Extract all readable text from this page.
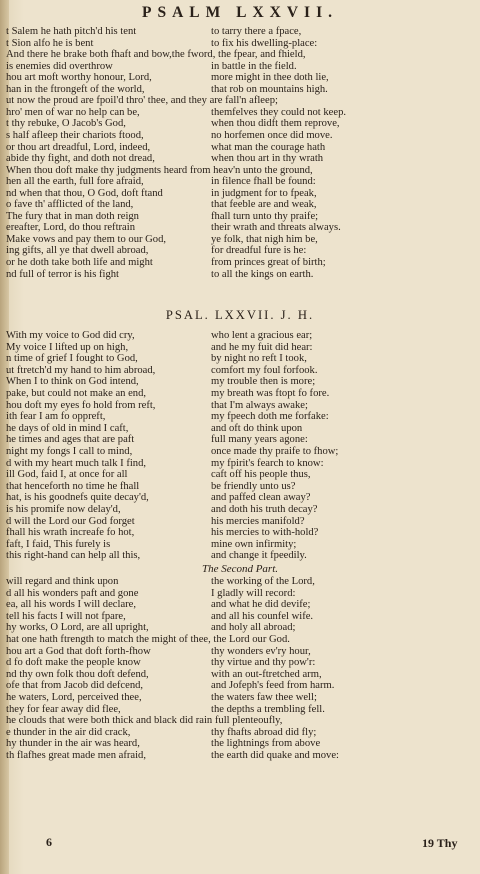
PSALM LXXVII.
t Salem he hath pitch'd his tent	to tarry there a fpace,
t Sion alfo he is bent	to fix his dwelling-place:
And there he brake both fhaft and bow,the fword, the fpear, and fhield,
is enemies did overthrow	in battle in the field.
hou art moft worthy honour, Lord,	more might in thee doth lie,
han in the ftrongeft of the world,	that rob on mountains high.
ut now the proud are fpoil'd thro' thee, and they are fall'n afleep;
hro' men of war no help can be,	themfelves they could not keep.
t thy rebuke, O Jacob's God,	when thou didft them reprove,
s half afleep their chariots ftood,	no horfemen once did move.
or thou art dreadful, Lord, indeed,	what man the courage hath
abide thy fight, and doth not dread,	when thou art in thy wrath
When thou doft make thy judgments heard from heav'n unto the ground,
hen all the earth, full fore afraid,	in filence fhall be found:
nd when that thou, O God, doft ftand	in judgment for to fpeak,
o fave th' afflicted of the land,	that feeble are and weak,
The fury that in man doth reign	fhall turn unto thy praife;
ereafter, Lord, do thou reftrain	their wrath and threats always.
Make vows and pay them to our God,	ye folk, that nigh him be,
ing gifts, all ye that dwell abroad,	for dreadful fure is he:
or he doth take both life and might	from princes great of birth;
nd full of terror is his fight	to all the kings on earth.
PSAL. LXXVII. J. H.
With my voice to God did cry,	who lent a gracious ear;
My voice I lifted up on high,	and he my fuit did hear:
n time of grief I fought to God,	by night no reft I took,
ut ftretch'd my hand to him abroad,	comfort my foul forfook.
When I to think on God intend,	my trouble then is more;
pake, but could not make an end,	my breath was ftopt fo fore.
hou doft my eyes fo hold from reft,	that I'm always awake;
ith fear I am fo oppreft,	my fpeech doth me forfake:
he days of old in mind I caft,	and oft do think upon
he times and ages that are paft	full many years agone:
night my fongs I call to mind,	once made thy praife to fhow;
d with my heart much talk I find,	my fpirit's fearch to know:
ill God, faid I, at once for all	caft off his people thus,
that henceforth no time he fhall	be friendly unto us?
hat, is his goodnefs quite decay'd,	and paffed clean away?
is his promife now delay'd,	and doth his truth decay?
d will the Lord our God forget	his mercies manifold?
fhall his wrath increafe fo hot,	his mercies to with-hold?
faft, I faid, This furely is	mine own infirmity;
this right-hand can help all this,	and change it fpeedily.
The Second Part.
will regard and think upon	the working of the Lord,
d all his wonders paft and gone	I gladly will record:
ea, all his words I will declare,	and what he did devife;
tell his facts I will not fpare,	and all his counfel wife.
hy works, O Lord, are all upright,	and holy all abroad;
hat one hath ftrength to match the might of thee, the Lord our God.
hou art a God that doft forth-fhow	thy wonders ev'ry hour,
d fo doft make the people know	thy virtue and thy pow'r:
nd thy own folk thou doft defend,	with an out-ftretched arm,
ofe that from Jacob did defcend,	and Jofeph's feed from harm.
he waters, Lord, perceived thee,	the waters faw thee well;
they for fear away did flee,	the depths a trembling fell.
he clouds that were both thick and black did rain full plenteoufly,
e thunder in the air did crack,	thy fhafts abroad did fly;
hy thunder in the air was heard,	the lightnings from above
th flafhes great made men afraid,	the earth did quake and move:
6	19 Thy
